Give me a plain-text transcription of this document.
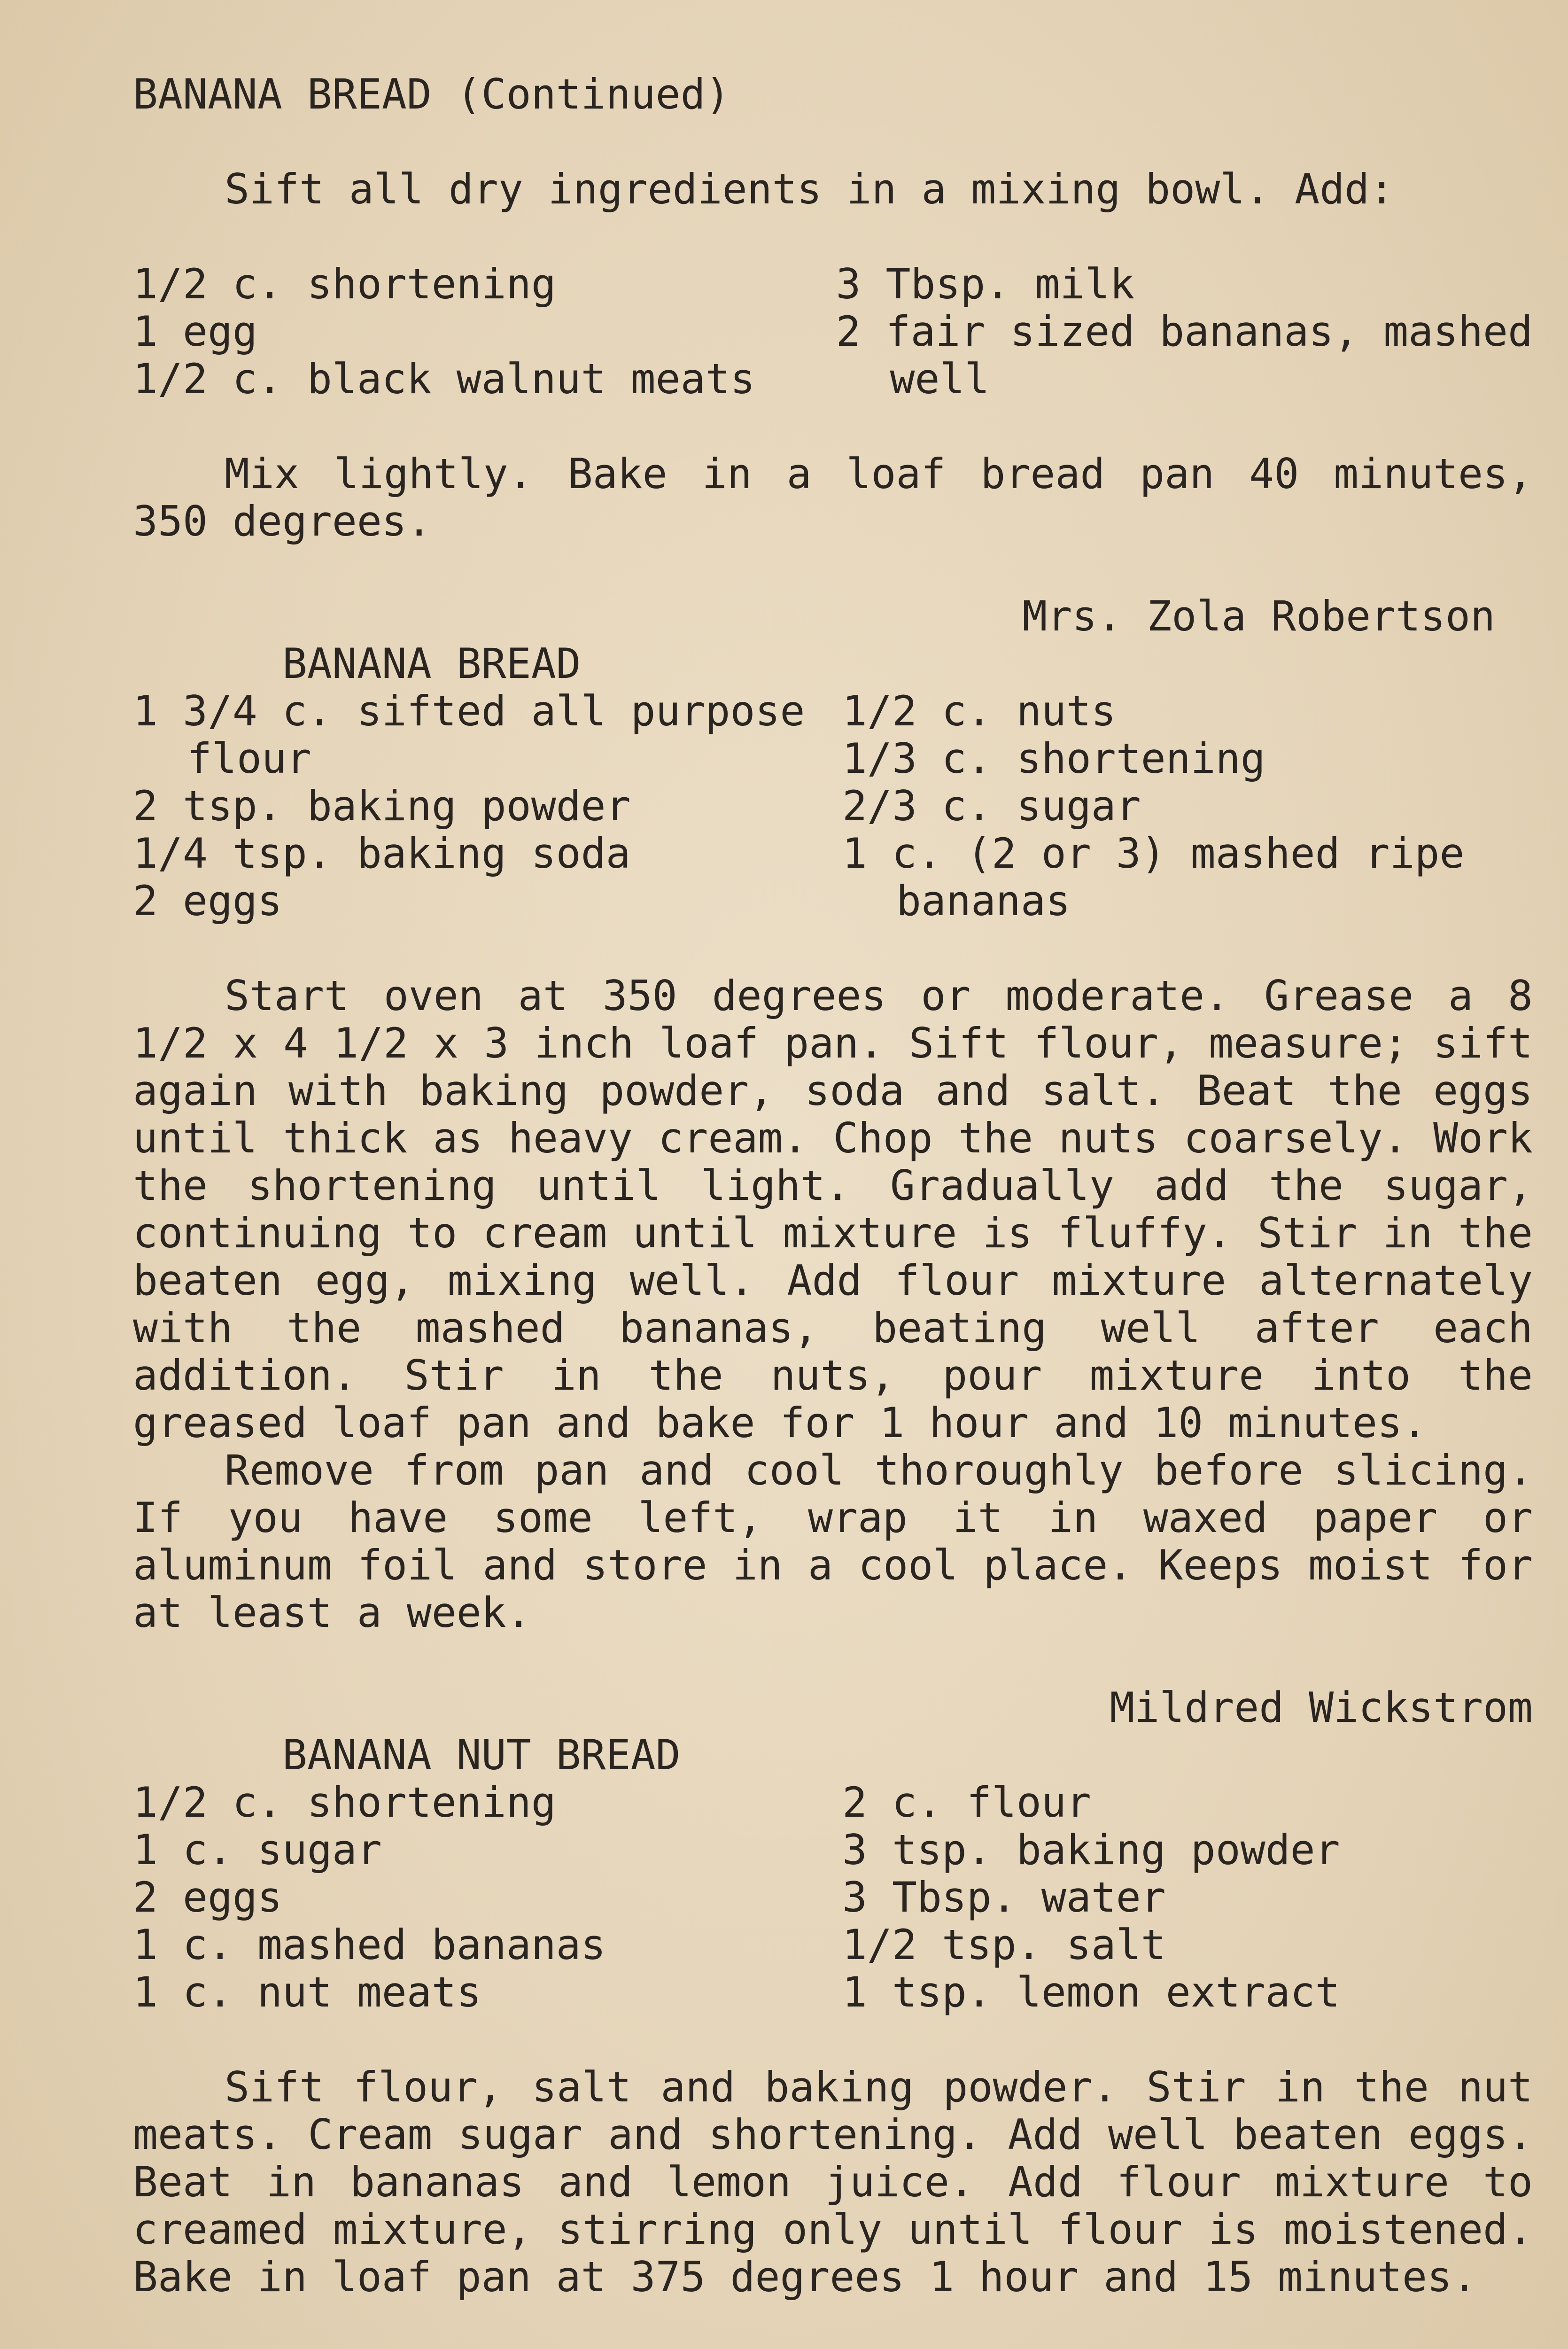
BANANA BREAD (Continued)
Sift all dry ingredients in a mixing bowl. Add:
1/2 c. shortening
1 egg
1/2 c. black walnut meats
3 Tbsp. milk
2 fair sized bananas, mashed
well
Mix lightly. Bake in a loaf bread pan 40 minutes, 350 degrees.

BANANA BREAD

Mrs. Zola Robertson

1 3/4 c. sifted all purpose
flour
2 tsp. baking powder
1/4 tsp. baking soda
2 eggs
1/2 c. nuts
1/3 c. shortening
2/3 c. sugar
1 c. (2 or 3) mashed ripe
bananas
Start oven at 350 degrees or moderate. Grease a 8 1/2 x 4 1/2 x 3 inch loaf pan. Sift flour, measure; sift again with baking powder, soda and salt. Beat the eggs until thick as heavy cream. Chop the nuts coarsely. Work the shortening until light. Gradually add the sugar, continuing to cream until mixture is fluffy. Stir in the beaten egg, mixing well. Add flour mixture alternately with the mashed bananas, beating well after each addition. Stir in the nuts, pour mixture into the greased loaf pan and bake for 1 hour and 10 minutes.
Remove from pan and cool thoroughly before slicing. If you have some left, wrap it in waxed paper or aluminum foil and store in a cool place. Keeps moist for at least a week.

BANANA NUT BREAD

Mildred Wickstrom

1/2 c. shortening
1 c. sugar
2 eggs
1 c. mashed bananas
1 c. nut meats
2 c. flour
3 tsp. baking powder
3 Tbsp. water
1/2 tsp. salt
1 tsp. lemon extract
Sift flour, salt and baking powder. Stir in the nut meats. Cream sugar and shortening. Add well beaten eggs. Beat in bananas and lemon juice. Add flour mixture to creamed mixture, stirring only until flour is moistened. Bake in loaf pan at 375 degrees 1 hour and 15 minutes.
